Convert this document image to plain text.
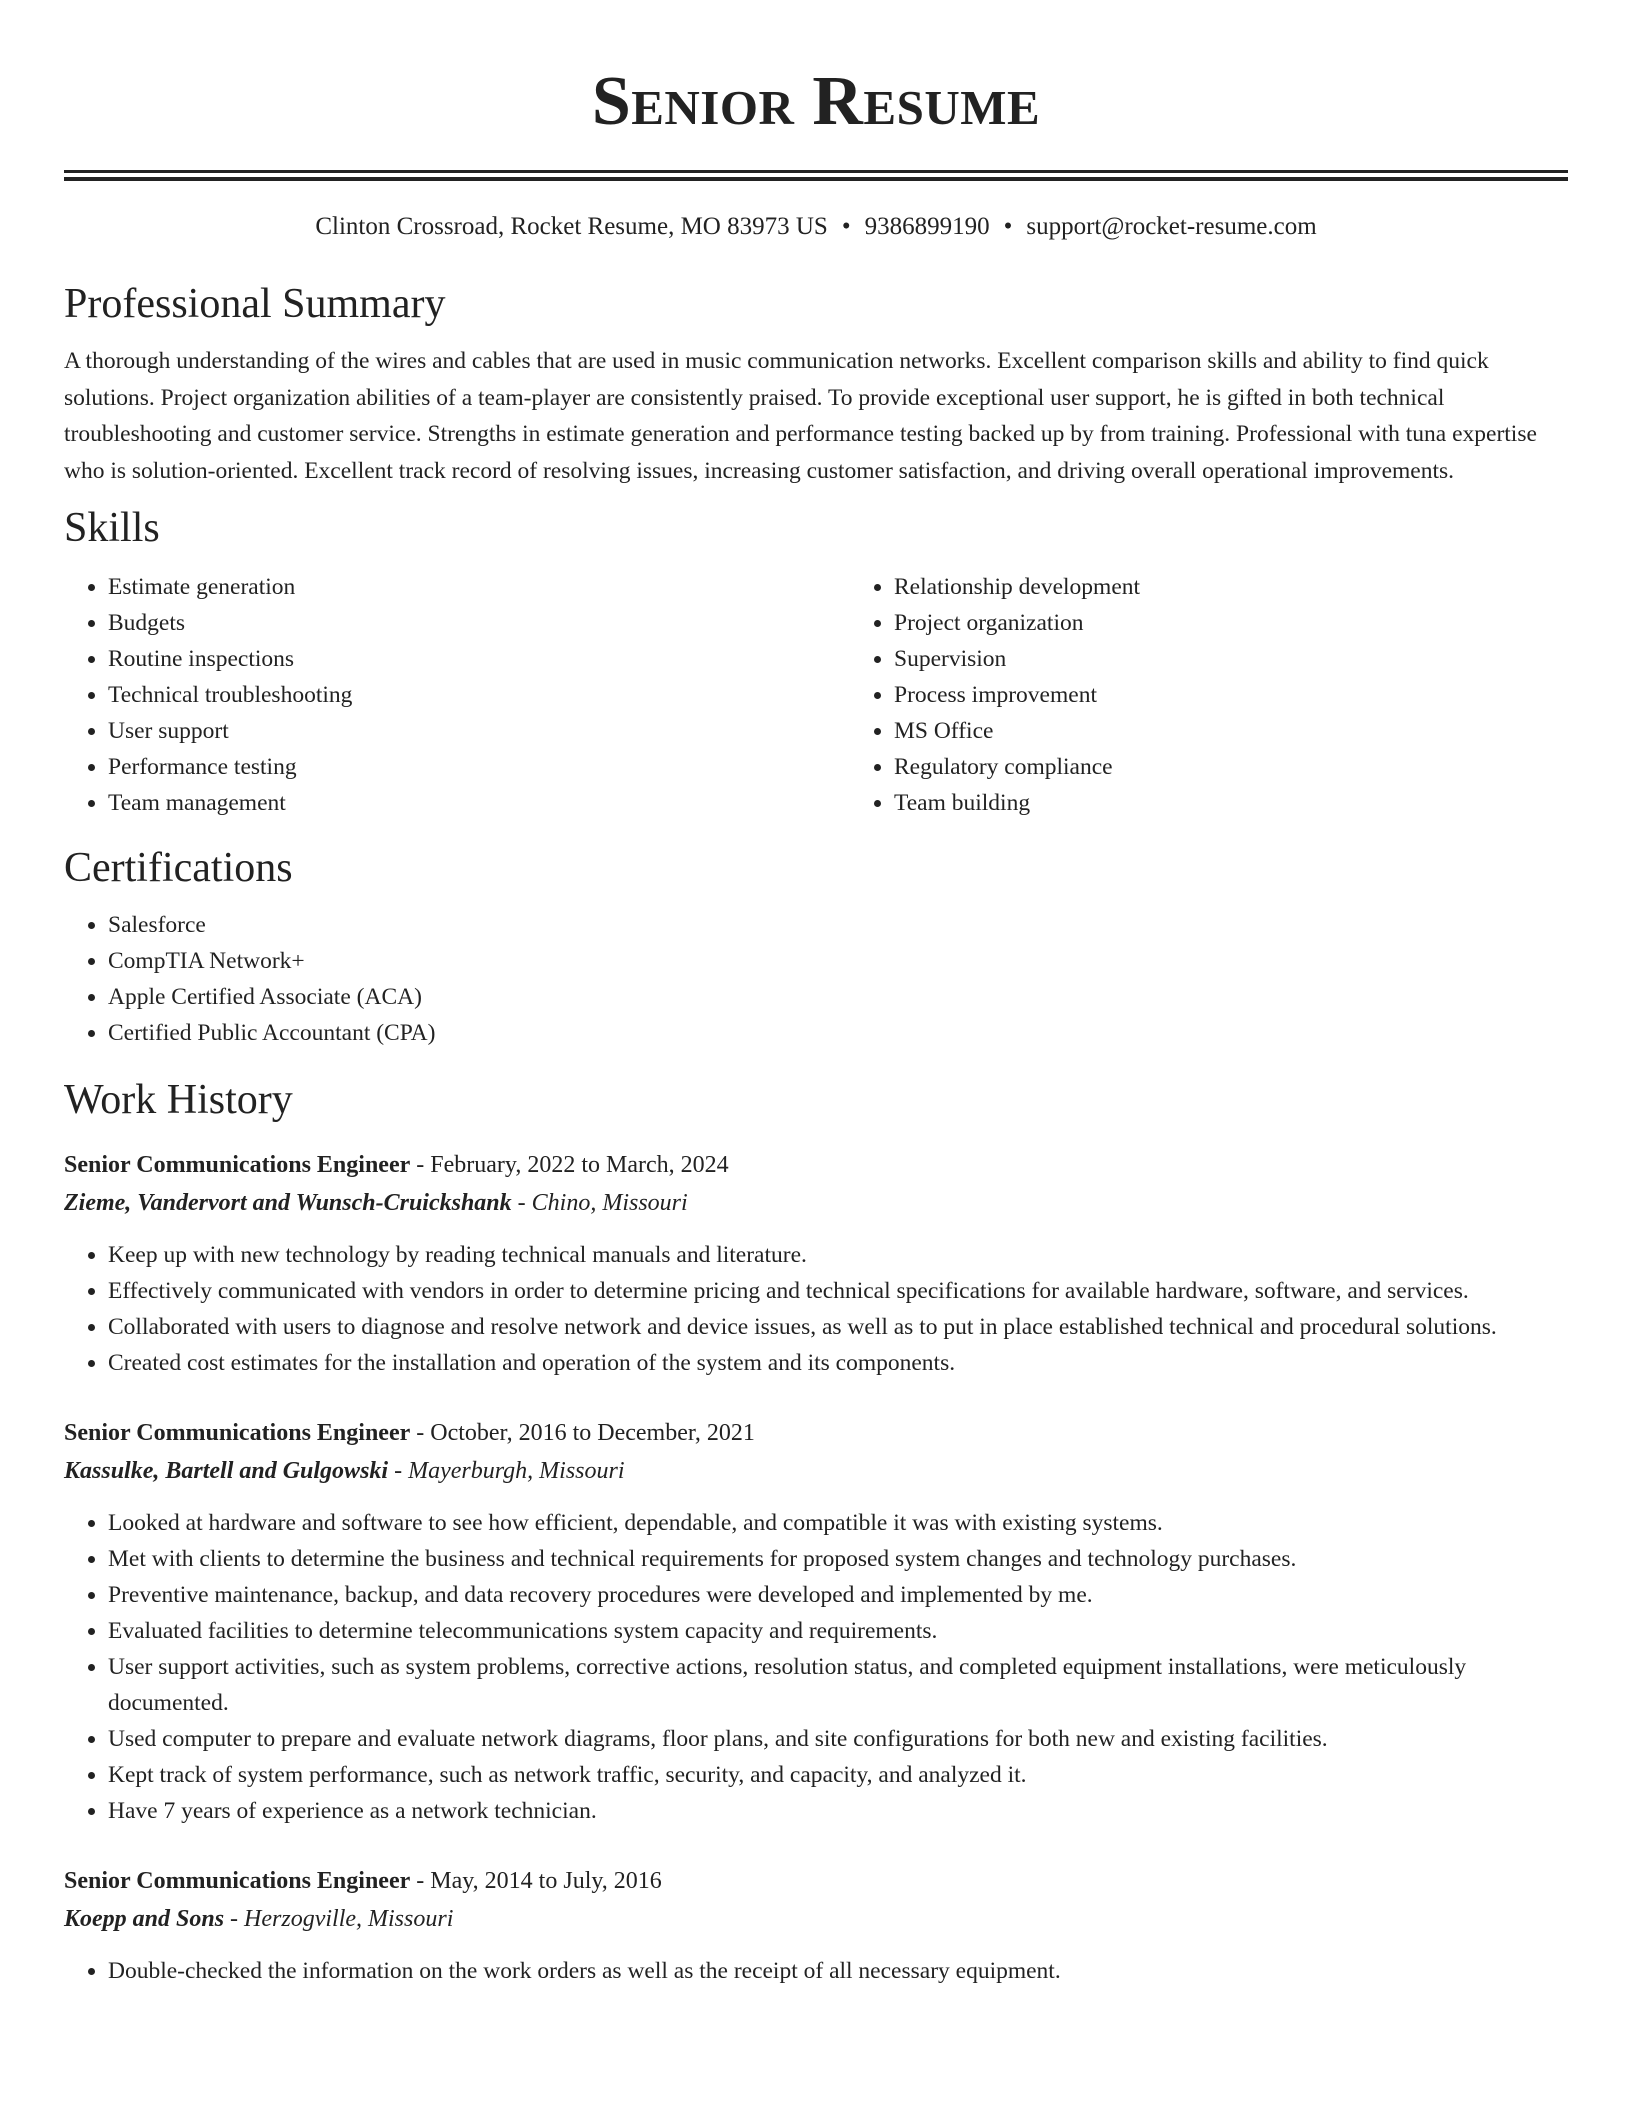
Senior Resume
Clinton Crossroad, Rocket Resume, MO 83973 US • 9386899190 • support@rocket-resume.com
Professional Summary

A thorough understanding of the wires and cables that are used in music communication networks. Excellent comparison skills and ability to find quick solutions. Project organization abilities of a team-player are consistently praised. To provide exceptional user support, he is gifted in both technical troubleshooting and customer service. Strengths in estimate generation and performance testing backed up by from training. Professional with tuna expertise who is solution-oriented. Excellent track record of resolving issues, increasing customer satisfaction, and driving overall operational improvements.

Skills
• Estimate generation
• Budgets
• Routine inspections
• Technical troubleshooting
• User support
• Performance testing
• Team management
• Relationship development
• Project organization
• Supervision
• Process improvement
• MS Office
• Regulatory compliance
• Team building
Certifications
• Salesforce
• CompTIA Network+
• Apple Certified Associate (ACA)
• Certified Public Accountant (CPA)
Work History
Senior Communications Engineer - February, 2022 to March, 2024
Zieme, Vandervort and Wunsch-Cruickshank - Chino, Missouri
• Keep up with new technology by reading technical manuals and literature.
• Effectively communicated with vendors in order to determine pricing and technical specifications for available hardware, software, and services.
• Collaborated with users to diagnose and resolve network and device issues, as well as to put in place established technical and procedural solutions.
• Created cost estimates for the installation and operation of the system and its components.
Senior Communications Engineer - October, 2016 to December, 2021
Kassulke, Bartell and Gulgowski - Mayerburgh, Missouri
• Looked at hardware and software to see how efficient, dependable, and compatible it was with existing systems.
• Met with clients to determine the business and technical requirements for proposed system changes and technology purchases.
• Preventive maintenance, backup, and data recovery procedures were developed and implemented by me.
• Evaluated facilities to determine telecommunications system capacity and requirements.
• User support activities, such as system problems, corrective actions, resolution status, and completed equipment installations, were meticulously documented.
• Used computer to prepare and evaluate network diagrams, floor plans, and site configurations for both new and existing facilities.
• Kept track of system performance, such as network traffic, security, and capacity, and analyzed it.
• Have 7 years of experience as a network technician.
Senior Communications Engineer - May, 2014 to July, 2016
Koepp and Sons - Herzogville, Missouri
• Double-checked the information on the work orders as well as the receipt of all necessary equipment.
